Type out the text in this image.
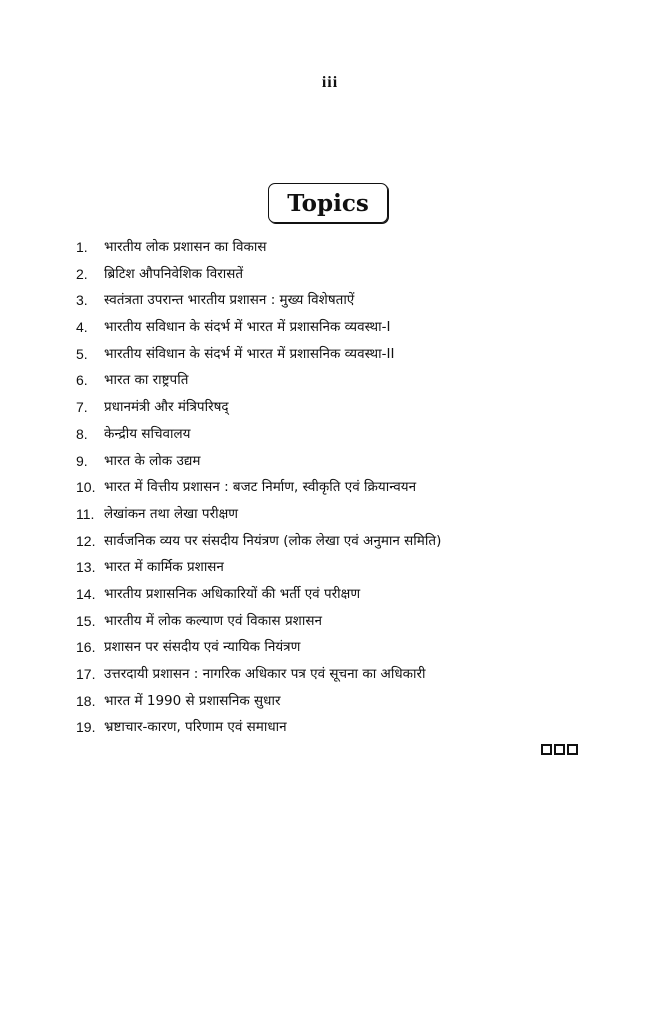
iii
Topics
1. भारतीय लोक प्रशासन का विकास
2. ब्रिटिश औपनिवेशिक विरासतें
3. स्वतंत्रता उपरान्त भारतीय प्रशासन : मुख्य विशेषताऐं
4. भारतीय सविधान के संदर्भ में भारत में प्रशासनिक व्यवस्था-I
5. भारतीय संविधान के संदर्भ में भारत में प्रशासनिक व्यवस्था-II
6. भारत का राष्ट्रपति
7. प्रधानमंत्री और मंत्रिपरिषद्
8. केन्द्रीय सचिवालय
9. भारत के लोक उद्यम
10. भारत में वित्तीय प्रशासन : बजट निर्माण, स्वीकृति एवं क्रियान्वयन
11. लेखांकन तथा लेखा परीक्षण
12. सार्वजनिक व्यय पर संसदीय नियंत्रण (लोक लेखा एवं अनुमान समिति)
13. भारत में कार्मिक प्रशासन
14. भारतीय प्रशासनिक अधिकारियों की भर्ती एवं परीक्षण
15. भारतीय में लोक कल्याण एवं विकास प्रशासन
16. प्रशासन पर संसदीय एवं न्यायिक नियंत्रण
17. उत्तरदायी प्रशासन : नागरिक अधिकार पत्र एवं सूचना का अधिकारी
18. भारत में 1990 से प्रशासनिक सुधार
19. भ्रष्टाचार-कारण, परिणाम एवं समाधान
